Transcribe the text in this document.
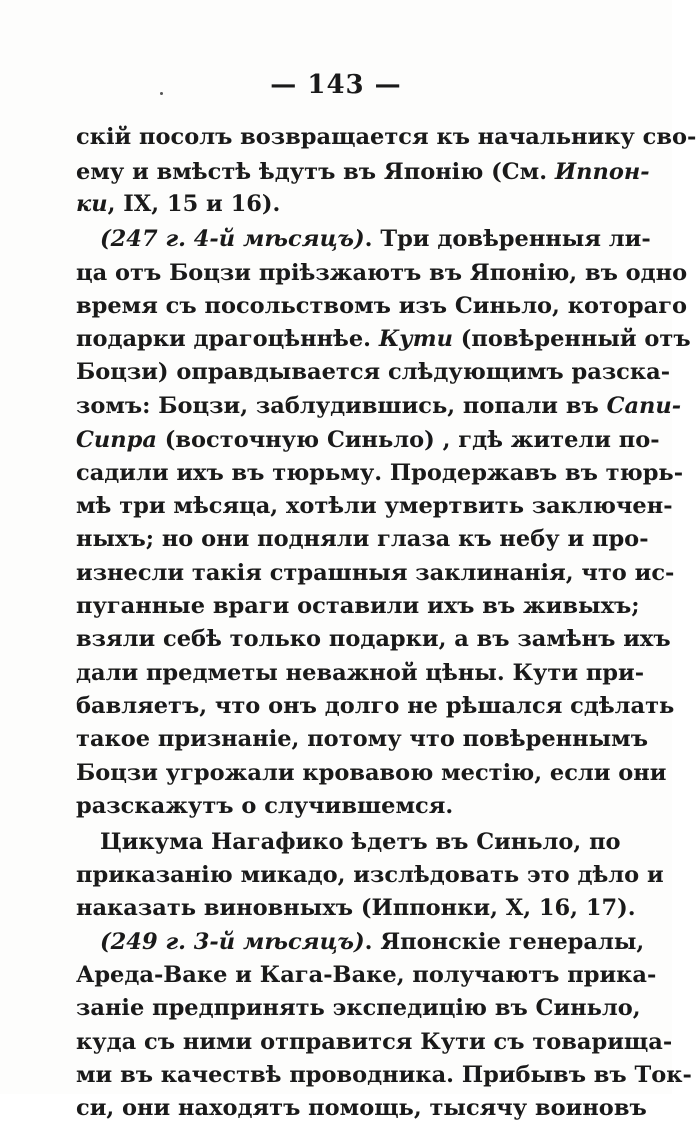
— 143 —
скій посолъ возвращается къ начальнику сво-
ему и вмѣстѣ ѣдутъ въ Японію (См. Иппон-
ки, IX, 15 и 16).
(247 г. 4-й мѣсяцъ). Три довѣренныя ли-
ца отъ Боцзи пріѣзжаютъ въ Японію, въ одно
время съ посольствомъ изъ Синьло, котораго
подарки драгоцѣннѣе. Кути (повѣренный отъ
Боцзи) оправдывается слѣдующимъ разска-
зомъ: Боцзи, заблудившись, попали въ Сапи-
Сипра (восточную Синьло) , гдѣ жители по-
садили ихъ въ тюрьму. Продержавъ въ тюрь-
мѣ три мѣсяца, хотѣли умертвить заключен-
ныхъ; но они подняли глаза къ небу и про-
изнесли такія страшныя заклинанія, что ис-
пуганные враги оставили ихъ въ живыхъ;
взяли себѣ только подарки, а въ замѣнъ ихъ
дали предметы неважной цѣны. Кути при-
бавляетъ, что онъ долго не рѣшался сдѣлать
такое признаніе, потому что повѣреннымъ
Боцзи угрожали кровавою местію, если они
разскажутъ о случившемся.
Цикума Нагафико ѣдетъ въ Синьло, по
приказанію микадо, изслѣдовать это дѣло и
наказать виновныхъ (Иппонки, X, 16, 17).
(249 г. 3-й мѣсяцъ). Японскіе генералы,
Ареда-Ваке и Кага-Ваке, получаютъ прика-
заніе предпринять экспедицію въ Синьло,
куда съ ними отправится Кути съ товарища-
ми въ качествѣ проводника. Прибывъ въ Ток-
си, они находятъ помощь, тысячу воиновъ
